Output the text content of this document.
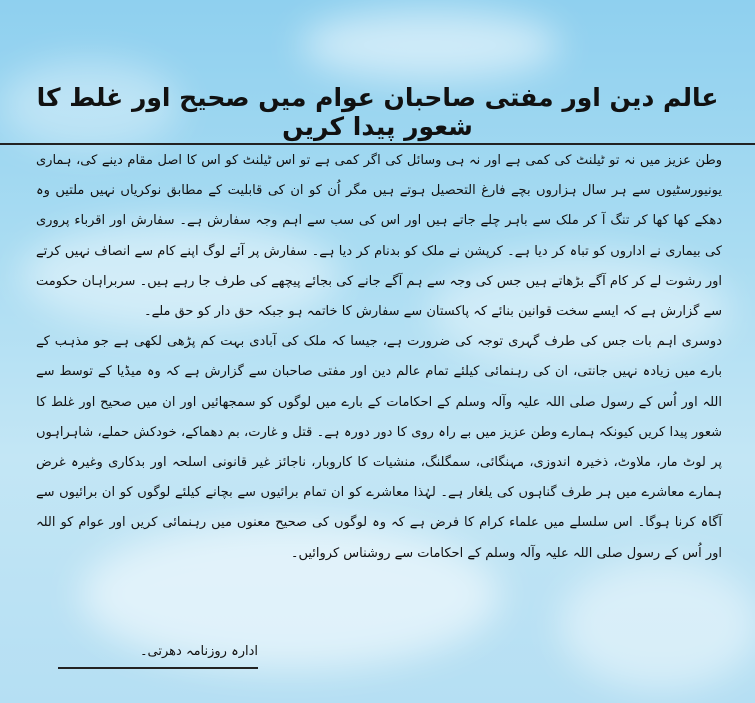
عالم دین اور مفتی صاحبان عوام میں صحیح اور غلط کا شعور پیدا کریں

وطن عزیز میں نہ تو ٹیلنٹ کی کمی ہے اور نہ ہی وسائل کی اگر کمی ہے تو اس ٹیلنٹ کو اس کا اصل مقام دینے کی، ہماری یونیورسٹیوں سے ہر سال ہزاروں بچے فارغ التحصیل ہوتے ہیں مگر اُن کو ان کی قابلیت کے مطابق نوکریاں نہیں ملتیں وہ دھکے کھا کھا کر تنگ آ کر ملک سے باہر چلے جاتے ہیں اور اس کی سب سے اہم وجہ سفارش ہے۔ سفارش اور اقرباء پروری کی بیماری نے اداروں کو تباہ کر دیا ہے۔ کرپشن نے ملک کو بدنام کر دیا ہے۔ سفارش پر آئے لوگ اپنے کام سے انصاف نہیں کرتے اور رشوت لے کر کام آگے بڑھاتے ہیں جس کی وجہ سے ہم آگے جانے کی بجائے پیچھے کی طرف جا رہے ہیں۔ سربراہان حکومت سے گزارش ہے کہ ایسے سخت قوانین بنائے کہ پاکستان سے سفارش کا خاتمہ ہو جبکہ حق دار کو حق ملے۔

دوسری اہم بات جس کی طرف گہری توجہ کی ضرورت ہے، جیسا کہ ملک کی آبادی بہت کم پڑھی لکھی ہے جو مذہب کے بارے میں زیادہ نہیں جانتی، ان کی رہنمائی کیلئے تمام عالم دین اور مفتی صاحبان سے گزارش ہے کہ وہ میڈیا کے توسط سے اللہ اور اُس کے رسول صلی اللہ علیہ وآلہ وسلم کے احکامات کے بارے میں لوگوں کو سمجھائیں اور ان میں صحیح اور غلط کا شعور پیدا کریں کیونکہ ہمارے وطن عزیز میں بے راہ روی کا دور دورہ ہے۔ قتل و غارت، بم دھماکے، خودکش حملے، شاہراہوں پر لوٹ مار، ملاوٹ، ذخیرہ اندوزی، مہنگائی، سمگلنگ، منشیات کا کاروبار، ناجائز غیر قانونی اسلحہ اور بدکاری وغیرہ غرض ہمارے معاشرے میں ہر طرف گناہوں کی یلغار ہے۔ لہٰذا معاشرے کو ان تمام برائیوں سے بچانے کیلئے لوگوں کو ان برائیوں سے آگاہ کرنا ہوگا۔ اس سلسلے میں علماء کرام کا فرض ہے کہ وہ لوگوں کی صحیح معنوں میں رہنمائی کریں اور عوام کو اللہ اور اُس کے رسول صلی اللہ علیہ وآلہ وسلم کے احکامات سے روشناس کروائیں۔

ادارہ روزنامہ دھرتی۔
